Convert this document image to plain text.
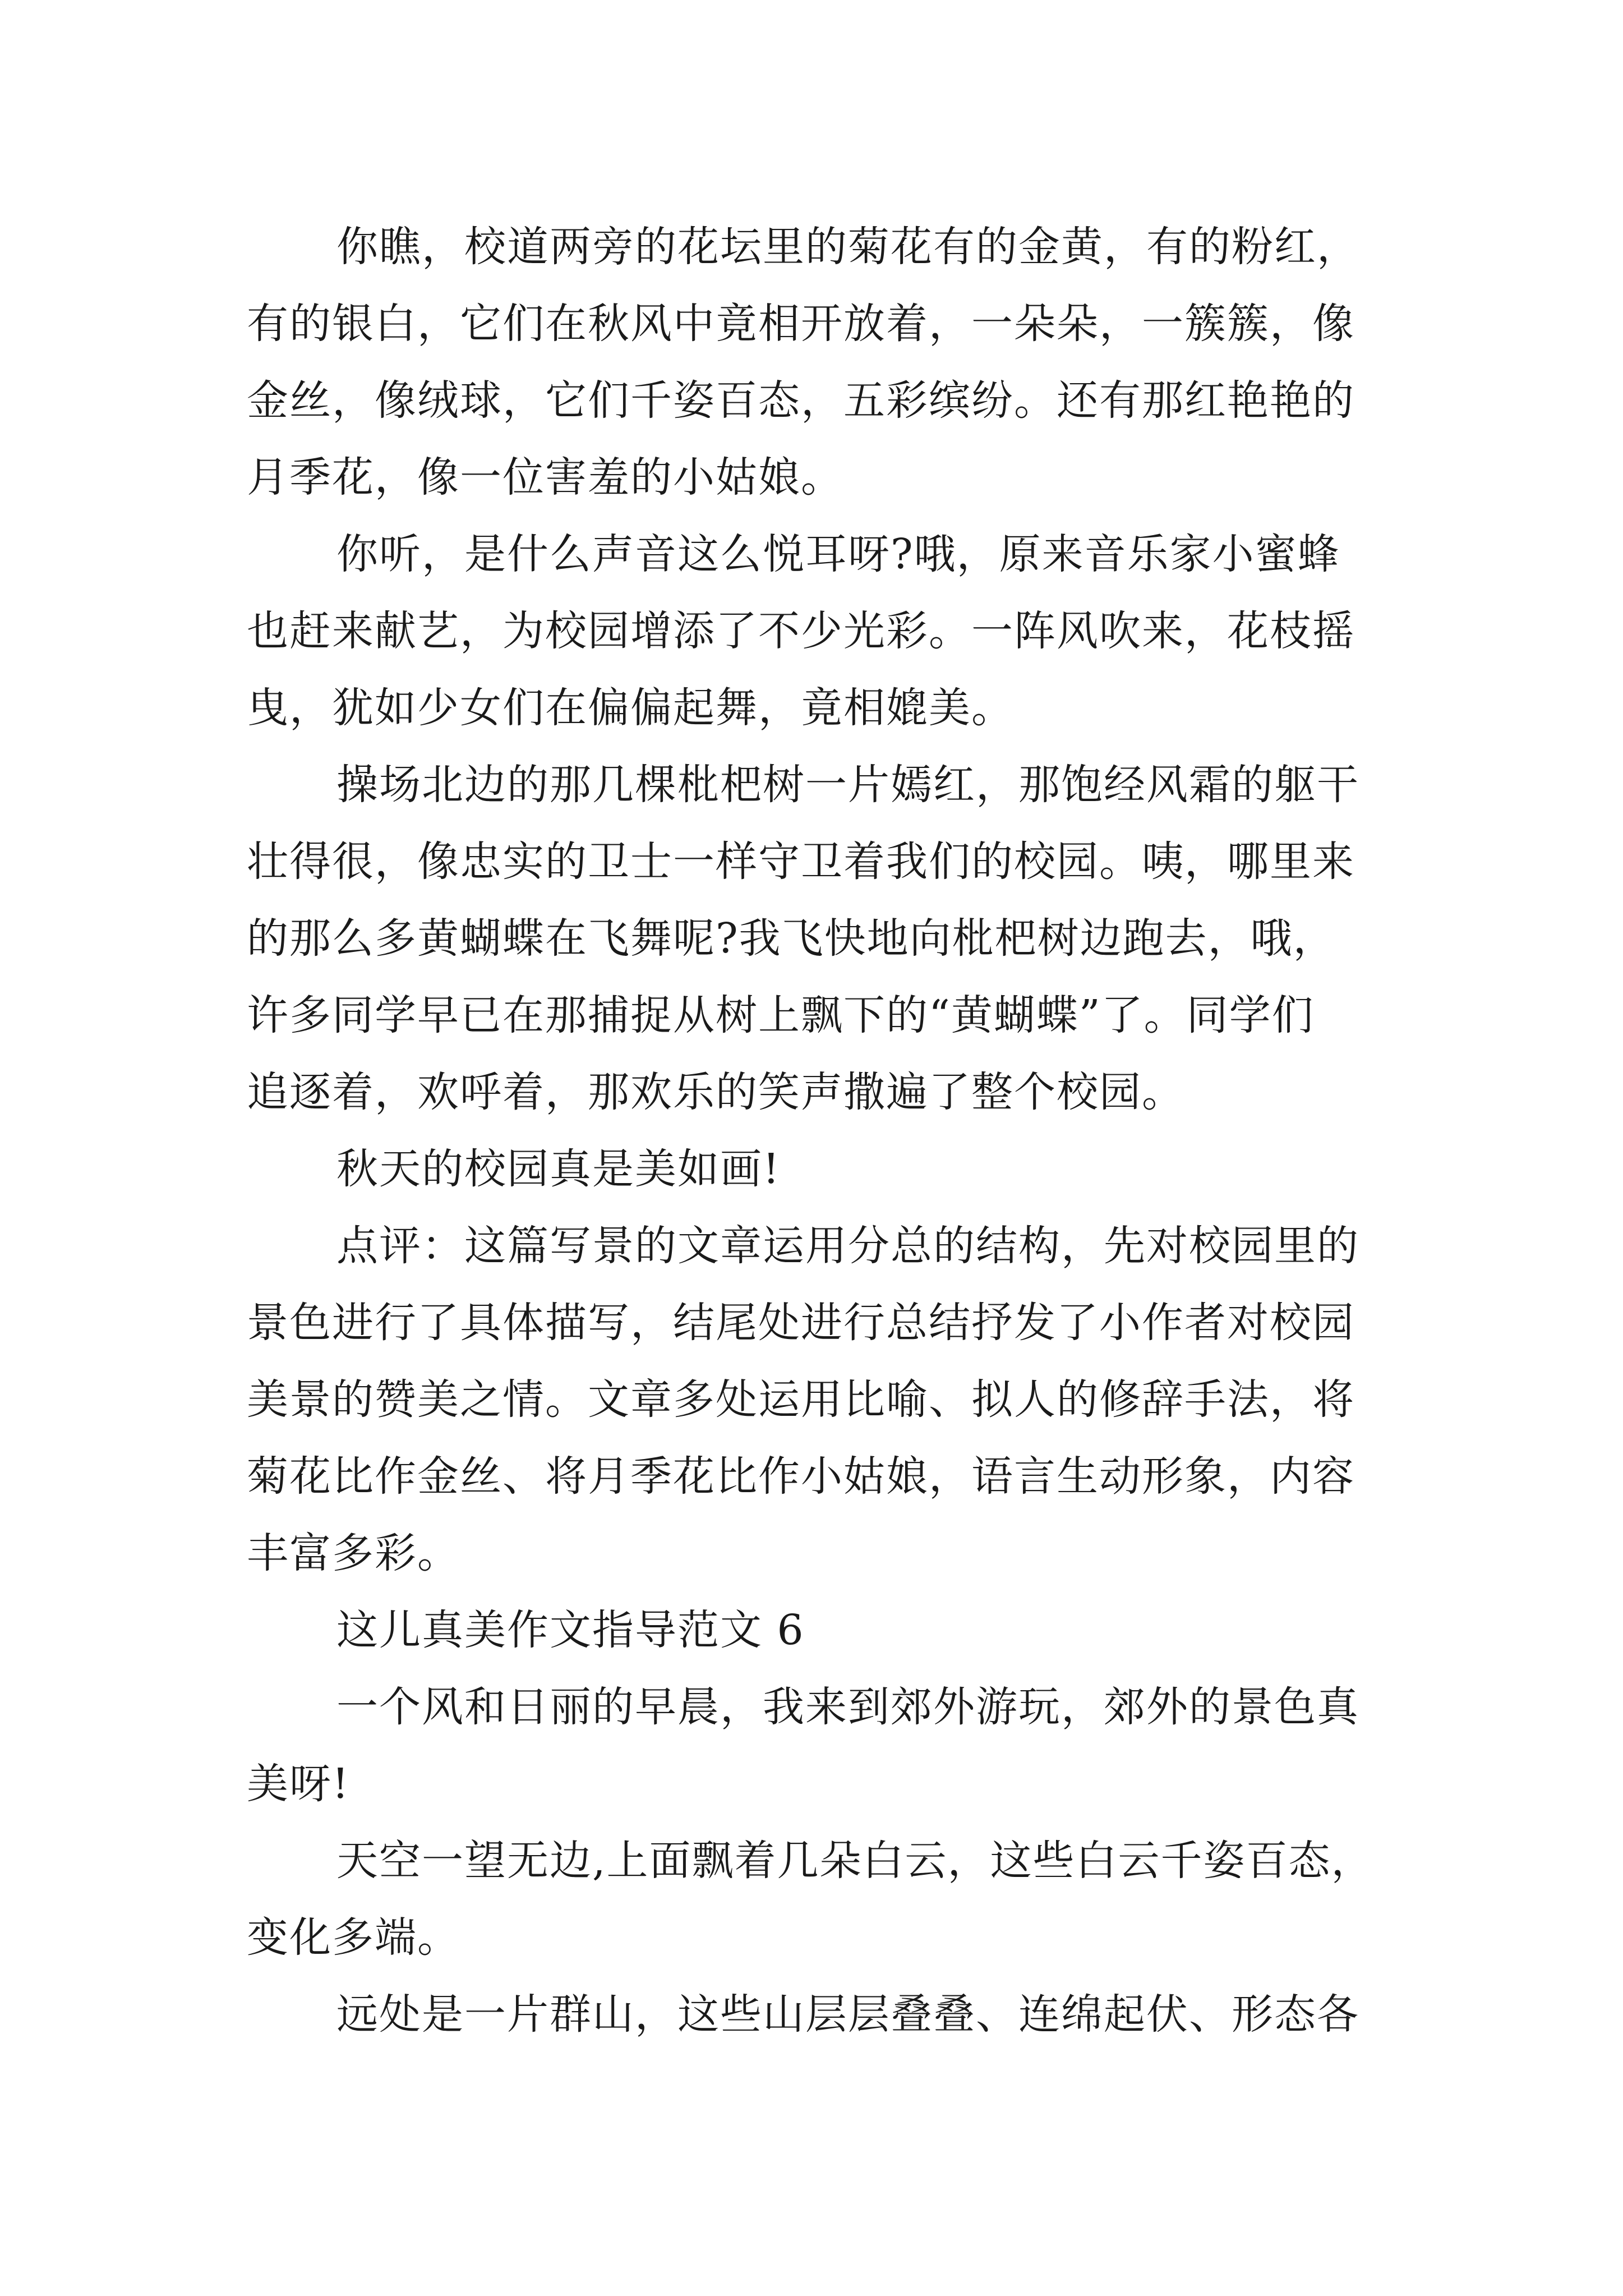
你瞧，校道两旁的花坛里的菊花有的金黄，有的粉红，
有的银白，它们在秋风中竟相开放着，一朵朵，一簇簇，像
金丝，像绒球，它们千姿百态，五彩缤纷。还有那红艳艳的
月季花，像一位害羞的小姑娘。
你听，是什么声音这么悦耳呀?哦，原来音乐家小蜜蜂
也赶来献艺，为校园增添了不少光彩。一阵风吹来，花枝摇
曳，犹如少女们在偏偏起舞，竟相媲美。
操场北边的那几棵枇杷树一片嫣红，那饱经风霜的躯干
壮得很，像忠实的卫士一样守卫着我们的校园。咦，哪里来
的那么多黄蝴蝶在飞舞呢?我飞快地向枇杷树边跑去，哦，
许多同学早已在那捕捉从树上飘下的“黄蝴蝶”了。同学们
追逐着，欢呼着，那欢乐的笑声撒遍了整个校园。
秋天的校园真是美如画!
点评：这篇写景的文章运用分总的结构，先对校园里的
景色进行了具体描写，结尾处进行总结抒发了小作者对校园
美景的赞美之情。文章多处运用比喻、拟人的修辞手法，将
菊花比作金丝、将月季花比作小姑娘，语言生动形象，内容
丰富多彩。
这儿真美作文指导范文 6
一个风和日丽的早晨，我来到郊外游玩，郊外的景色真
美呀!
天空一望无边,上面飘着几朵白云，这些白云千姿百态，
变化多端。
远处是一片群山，这些山层层叠叠、连绵起伏、形态各
